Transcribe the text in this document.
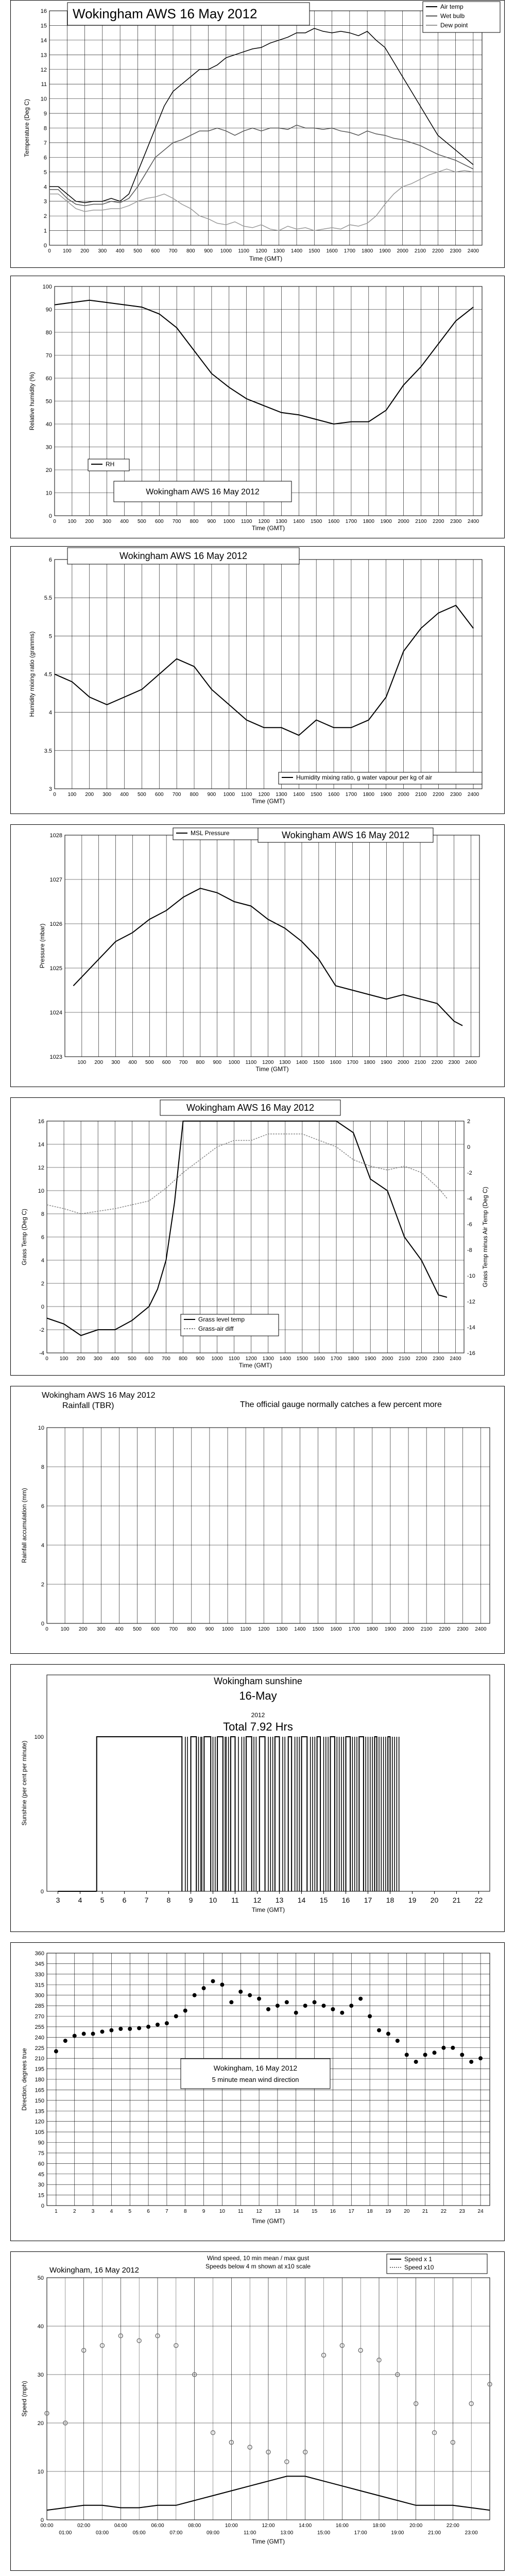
0
1
2
3
4
5
6
7
8
9
10
11
12
13
14
15
16
0 100 200 300 400 500 600 700 800 900 1000 1100 1200 1300 1400 1500 1600 1700 1800 1900 2000 2100 2200 2300 2400
Time (GMT)
Temperature (Deg C)
Wokingham AWS 16 May 2012	Air temp
Wet bulb
Dew point
0
10
20
30
40
50
60
70
80
90
100
0 100 200 300 400 500 600 700 800 900 1000 1100 1200 1300 1400 1500 1600 1700 1800 1900 2000 2100 2200 2300 2400
Time (GMT)
Relative humidity (%)
Wokingham AWS 16 May 2012
RH
3
3.5
4
4.5
5
5.5
6
0 100 200 300 400 500 600 700 800 900 1000 1100 1200 1300 1400 1500 1600 1700 1800 1900 2000 2100 2200 2300 2400
Time (GMT)
Humidity mixing ratio (gramms)
Wokingham AWS 16 May 2012
Humidity mixing ratio, g water vapour per kg of air
1023
1024
1025
1026
1027
1028
100 200 300 400 500 600 700 800 900 1000 1100 1200 1300 1400 1500 1600 1700 1800 1900 2000 2100 2200 2300 2400
Time (GMT)
Pressure (mbar)
MSL Pressure	Wokingham AWS 16 May 2012
-4
-2
0
2
4
6
8
10
12
14
16
0 100 200 300 400 500 600 700 800 900 1000 1100 1200 1300 1400 1500 1600 1700 1800 1900 2000 2100 2200 2300 2400
Time (GMT)
Grass Temp (Deg C)
-16
-14
-12
-10
-8
-6
-4
-2
0
2
Grass Temp minus Air Temp (Deg C)
Wokingham AWS 16 May 2012
Grass level temp
Grass-air diff
0
2
4
6
8
10
0 100 200 300 400 500 600 700 800 900 1000 1100 1200 1300 1400 1500 1600 1700 1800 1900 2000 2100 2200 2300 2400
Rainfall accumulation (mm)
Wokingham AWS 16 May 2012
Rainfall (TBR)	The official gauge normally catches a few percent more
0
100
3	4	5	6	7	8	9 10 11 12 13 14 15 16 17 18 19 20 21 22
Time (GMT)
Sunshine (per cent per minute)
Wokingham sunshine
16-May
2012
Total 7.92 Hrs
0
15
30
45
60
75
90
105
120
135
150
165
180
195
210
225
240
255
270
285
300
315
330
345
360
1	2	3	4	5	6	7	8	9	10	11	12 13 14 15 16 17 18 19 20 21 22 23 24
Time (GMT)
Direction, degrees true	Wokingham, 16 May 2012
5 minute mean wind direction
0
10
20
30
40
50
00:00	02:00	04:00	06:00	08:00	10:00	12:00	14:00	16:00	18:00	20:00	22:00
01:00	03:00	05:00	07:00	09:00	11:00	13:00	15:00	17:00	19:00	21:00	23:00
Time (GMT)
Speed (mph)
Wind speed, 10 min mean / max gust
Speeds below 4 m shown at x10 scale
Wokingham, 16 May 2012
Speed x 1
Speed x10
